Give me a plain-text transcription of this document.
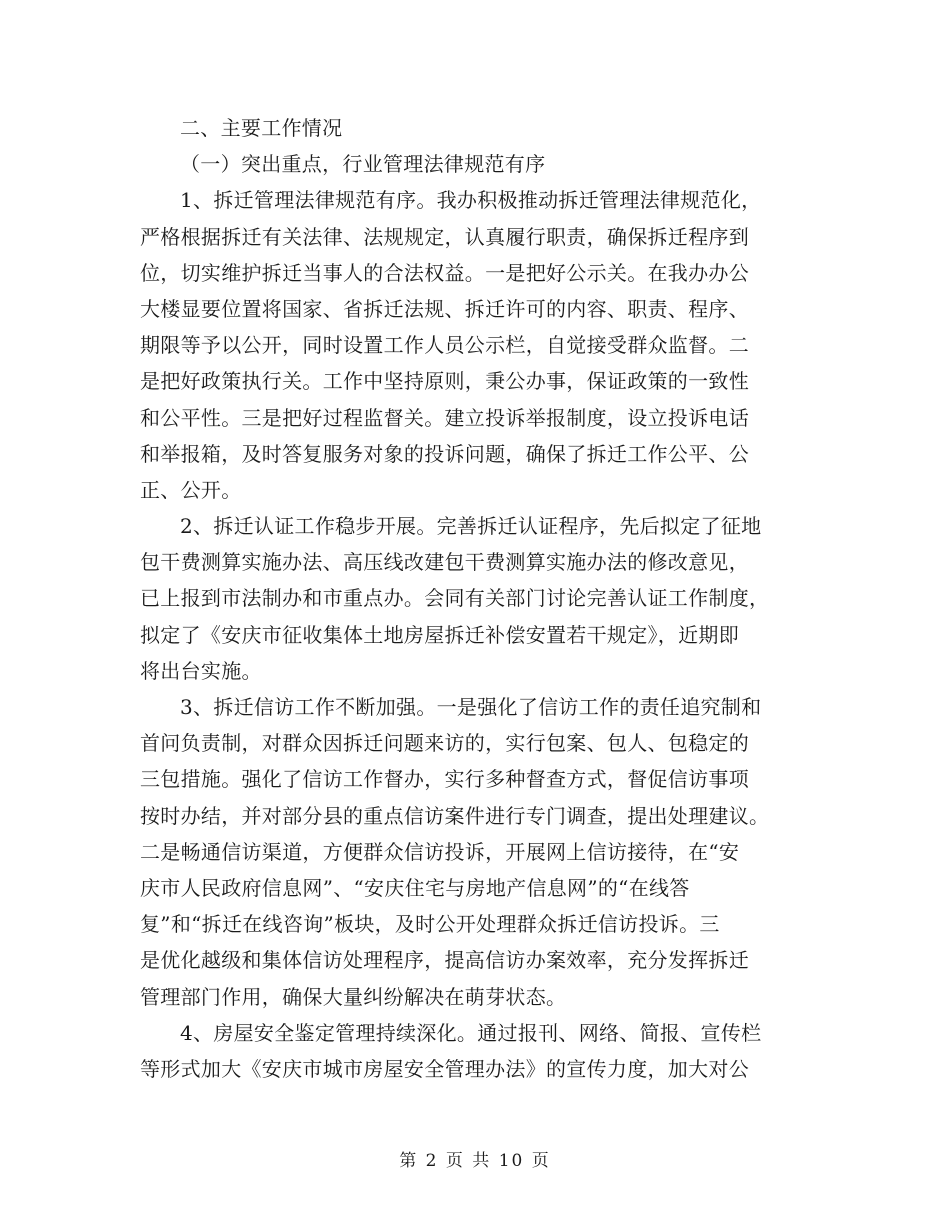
二、主要工作情况
（一）突出重点，行业管理法律规范有序
1、拆迁管理法律规范有序。我办积极推动拆迁管理法律规范化，
严格根据拆迁有关法律、法规规定，认真履行职责，确保拆迁程序到
位，切实维护拆迁当事人的合法权益。一是把好公示关。在我办办公
大楼显要位置将国家、省拆迁法规、拆迁许可的内容、职责、程序、
期限等予以公开，同时设置工作人员公示栏，自觉接受群众监督。二
是把好政策执行关。工作中坚持原则，秉公办事，保证政策的一致性
和公平性。三是把好过程监督关。建立投诉举报制度，设立投诉电话
和举报箱，及时答复服务对象的投诉问题，确保了拆迁工作公平、公
正、公开。
2、拆迁认证工作稳步开展。完善拆迁认证程序，先后拟定了征地
包干费测算实施办法、高压线改建包干费测算实施办法的修改意见，
已上报到市法制办和市重点办。会同有关部门讨论完善认证工作制度，
拟定了《安庆市征收集体土地房屋拆迁补偿安置若干规定》，近期即
将出台实施。
3、拆迁信访工作不断加强。一是强化了信访工作的责任追究制和
首问负责制，对群众因拆迁问题来访的，实行包案、包人、包稳定的
三包措施。强化了信访工作督办，实行多种督查方式，督促信访事项
按时办结，并对部分县的重点信访案件进行专门调查，提出处理建议。
二是畅通信访渠道，方便群众信访投诉，开展网上信访接待，在“安
庆市人民政府信息网”、“安庆住宅与房地产信息网”的“在线答
复”和“拆迁在线咨询”板块，及时公开处理群众拆迁信访投诉。三
是优化越级和集体信访处理程序，提高信访办案效率，充分发挥拆迁
管理部门作用，确保大量纠纷解决在萌芽状态。
4、房屋安全鉴定管理持续深化。通过报刊、网络、简报、宣传栏
等形式加大《安庆市城市房屋安全管理办法》的宣传力度，加大对公
第 2 页 共 10 页
